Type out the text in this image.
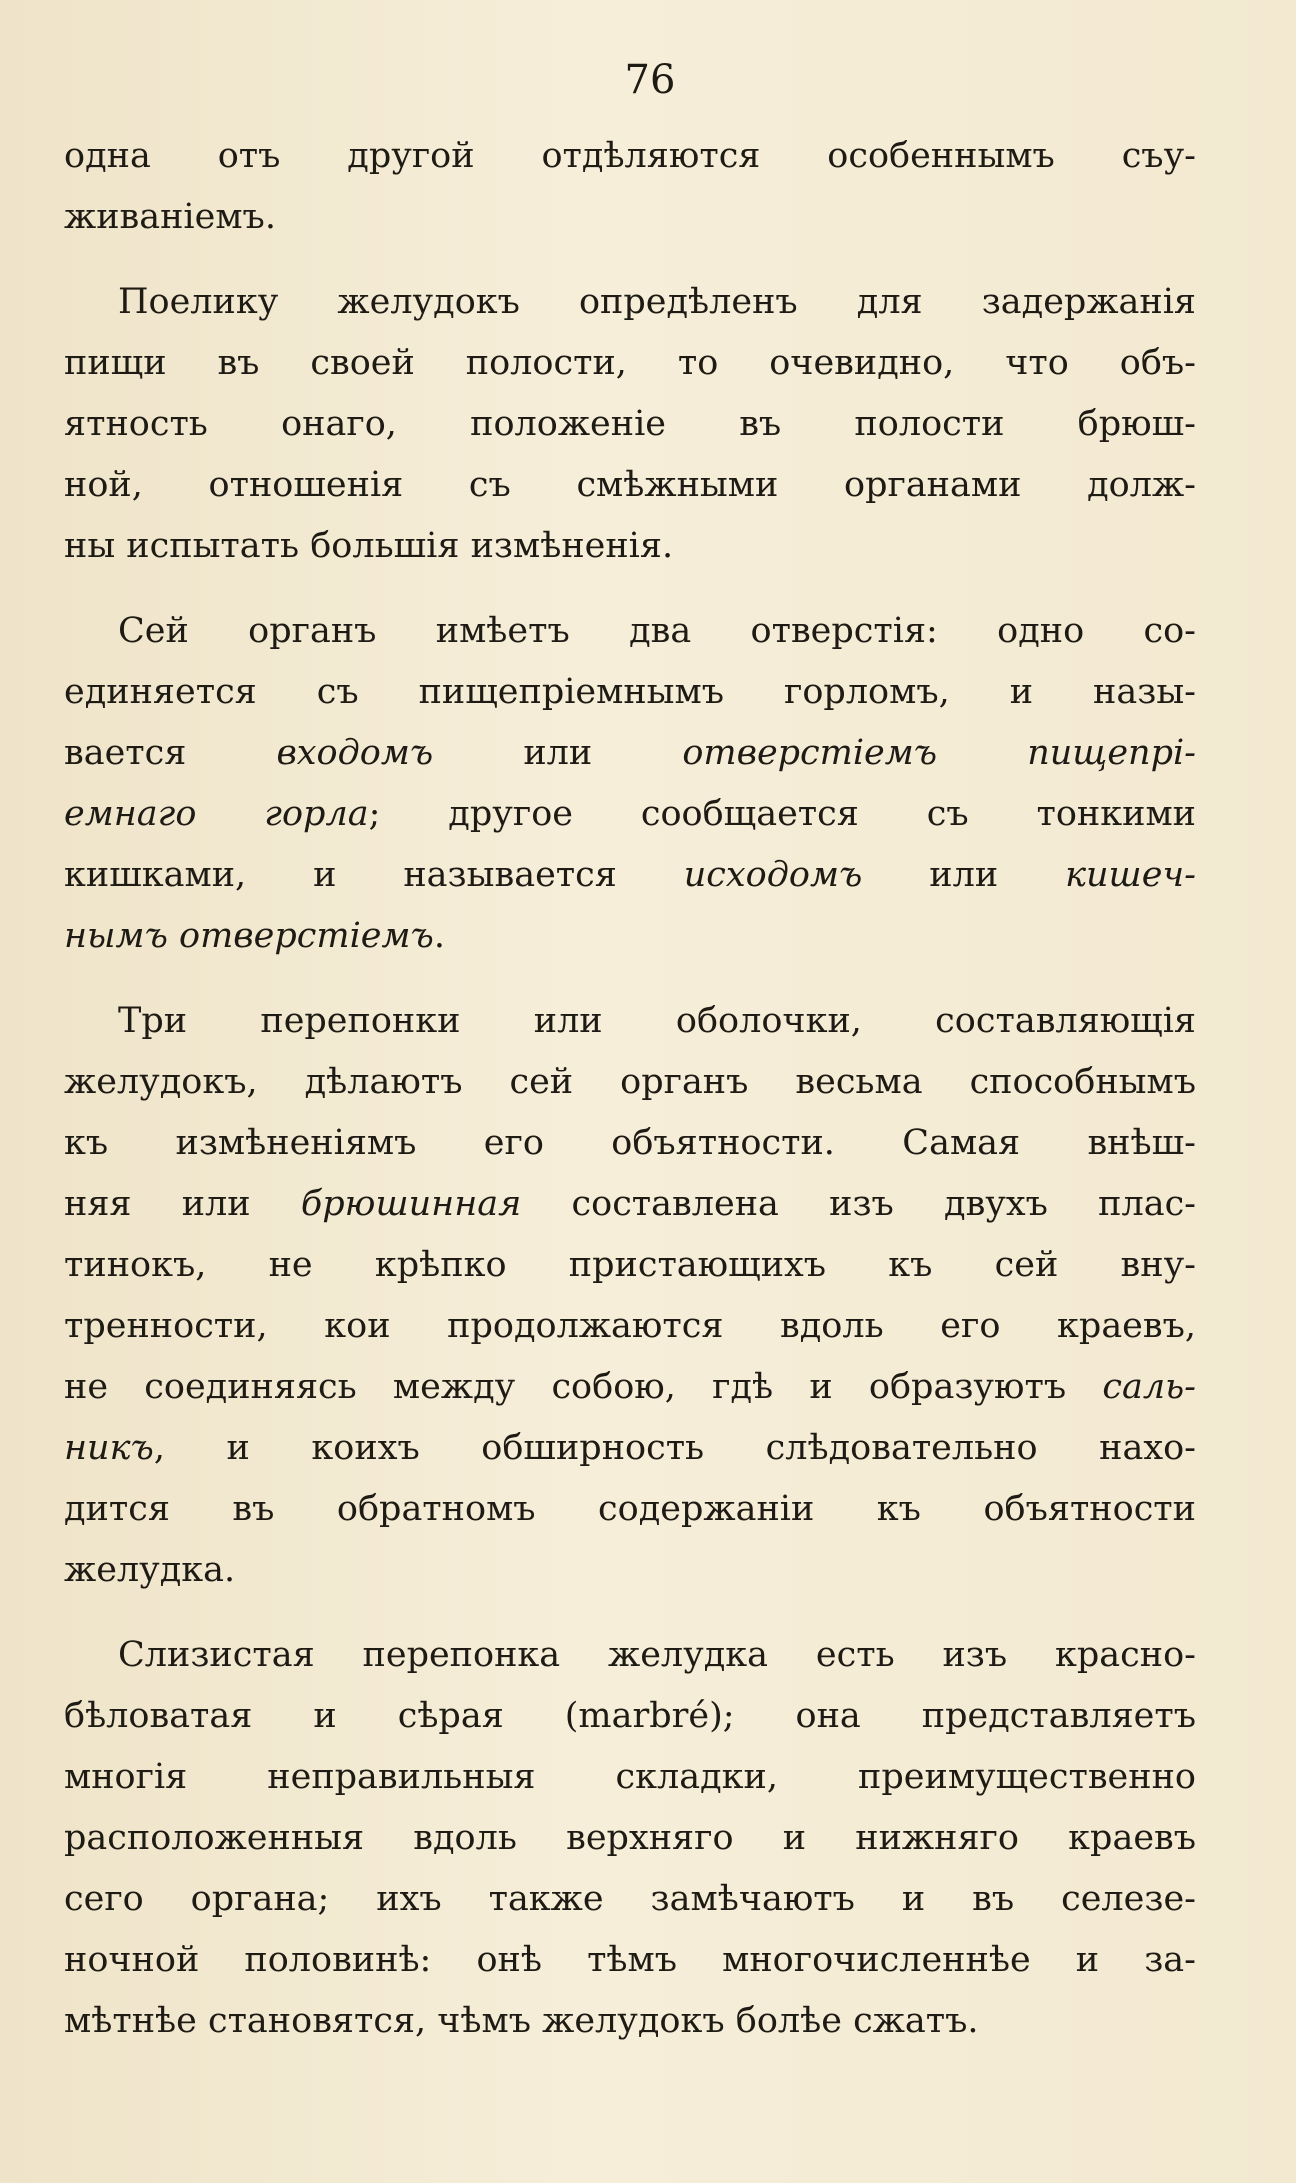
76
одна отъ другой отдѣляются особеннымъ съу-
живаніемъ.
Поелику желудокъ опредѣленъ для задержанія
пищи въ своей полости, то очевидно, что объ-
ятность онаго, положеніе въ полости брюш-
ной, отношенія съ смѣжными органами долж-
ны испытать большія измѣненія.
Сей органъ имѣетъ два отверстія: одно со-
единяется съ пищепріемнымъ горломъ, и назы-
вается входомъ или отверстіемъ пищепрі-
емнаго горла; другое сообщается съ тонкими
кишками, и называется исходомъ или кишеч-
нымъ отверстіемъ.
Три перепонки или оболочки, составляющія
желудокъ, дѣлаютъ сей органъ весьма способнымъ
къ измѣненіямъ его объятности. Самая внѣш-
няя или брюшинная составлена изъ двухъ плас-
тинокъ, не крѣпко пристающихъ къ сей вну-
тренности, кои продолжаются вдоль его краевъ,
не соединяясь между собою, гдѣ и образуютъ саль-
никъ, и коихъ обширность слѣдовательно нахо-
дится въ обратномъ содержаніи къ объятности
желудка.
Слизистая перепонка желудка есть изъ красно-
бѣловатая и сѣрая (marbré); она представляетъ
многія неправильныя складки, преимущественно
расположенныя вдоль верхняго и нижняго краевъ
сего органа; ихъ также замѣчаютъ и въ селезе-
ночной половинѣ: онѣ тѣмъ многочисленнѣе и за-
мѣтнѣе становятся, чѣмъ желудокъ болѣе сжатъ.
